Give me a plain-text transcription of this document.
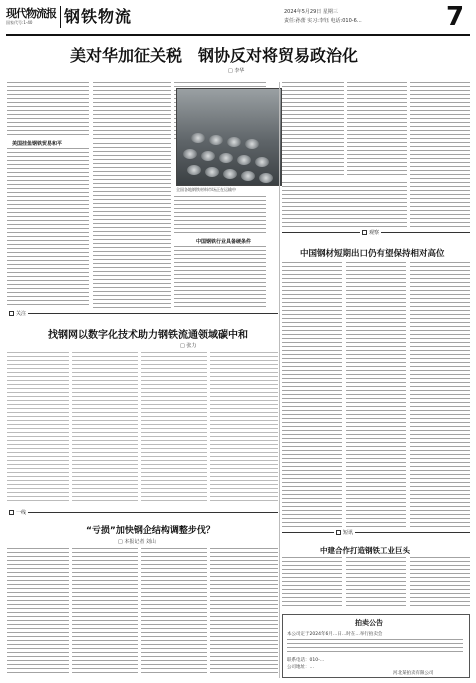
现代物流报
国家代号:1-40 钢铁物流	2024年5月29日 星期三
责任:孙蕾 实习:李钰 电话:010-6…	7
美对华加征关税　钢协反对将贸易政治化
□ 李华
美国挂鱼钢铁贸易和平
全国各地钢铁材料市场正在运输中
中国钢铁行业具备硬条件
观察
中国钢材短期出口仍有望保持相对高位
关注
找钢网以数字化技术助力钢铁流通领域碳中和
□ 张力
短讯
中建合作打造钢铁工业巨头
一线
“亏损”加快钢企结构调整步伐？
□ 本报记者 刘山
拍卖公告
本公司定于2024年6月…日…时在…举行拍卖会
联系电话：010-…
公司地址：…
河北某拍卖有限公司
